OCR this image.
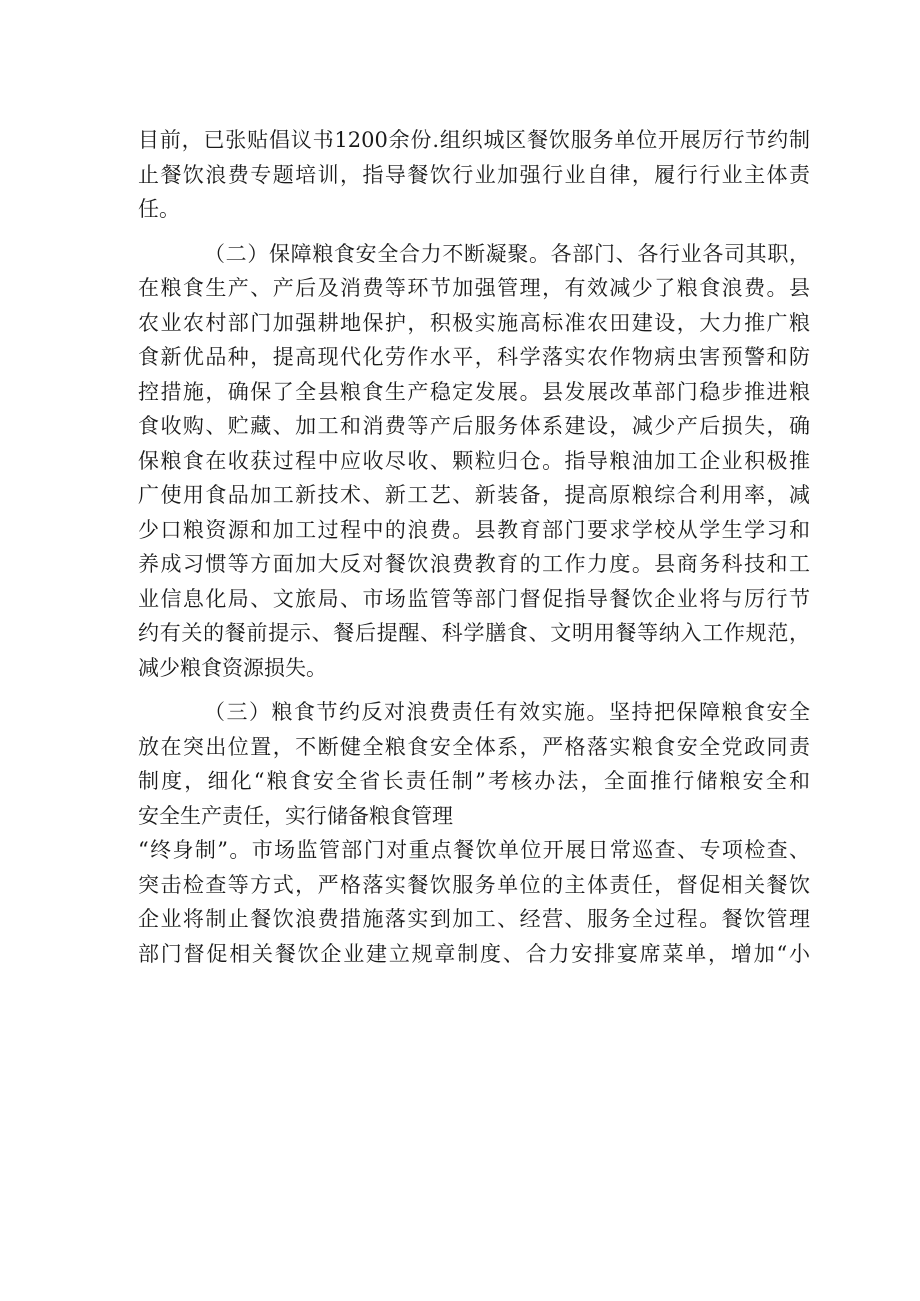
目前，已张贴倡议书1200余份.组织城区餐饮服务单位开展厉行节约制
止餐饮浪费专题培训，指导餐饮行业加强行业自律，履行行业主体责
任。
（二）保障粮食安全合力不断凝聚。各部门、各行业各司其职，
在粮食生产、产后及消费等环节加强管理，有效减少了粮食浪费。县
农业农村部门加强耕地保护，积极实施高标准农田建设，大力推广粮
食新优品种，提高现代化劳作水平，科学落实农作物病虫害预警和防
控措施，确保了全县粮食生产稳定发展。县发展改革部门稳步推进粮
食收购、贮藏、加工和消费等产后服务体系建设，减少产后损失，确
保粮食在收获过程中应收尽收、颗粒归仓。指导粮油加工企业积极推
广使用食品加工新技术、新工艺、新装备，提高原粮综合利用率，减
少口粮资源和加工过程中的浪费。县教育部门要求学校从学生学习和
养成习惯等方面加大反对餐饮浪费教育的工作力度。县商务科技和工
业信息化局、文旅局、市场监管等部门督促指导餐饮企业将与厉行节
约有关的餐前提示、餐后提醒、科学膳食、文明用餐等纳入工作规范，
减少粮食资源损失。
（三）粮食节约反对浪费责任有效实施。坚持把保障粮食安全
放在突出位置，不断健全粮食安全体系，严格落实粮食安全党政同责
制度，细化“粮食安全省长责任制”考核办法，全面推行储粮安全和
安全生产责任，实行储备粮食管理
“终身制”。市场监管部门对重点餐饮单位开展日常巡查、专项检查、
突击检查等方式，严格落实餐饮服务单位的主体责任，督促相关餐饮
企业将制止餐饮浪费措施落实到加工、经营、服务全过程。餐饮管理
部门督促相关餐饮企业建立规章制度、合力安排宴席菜单，增加“小
